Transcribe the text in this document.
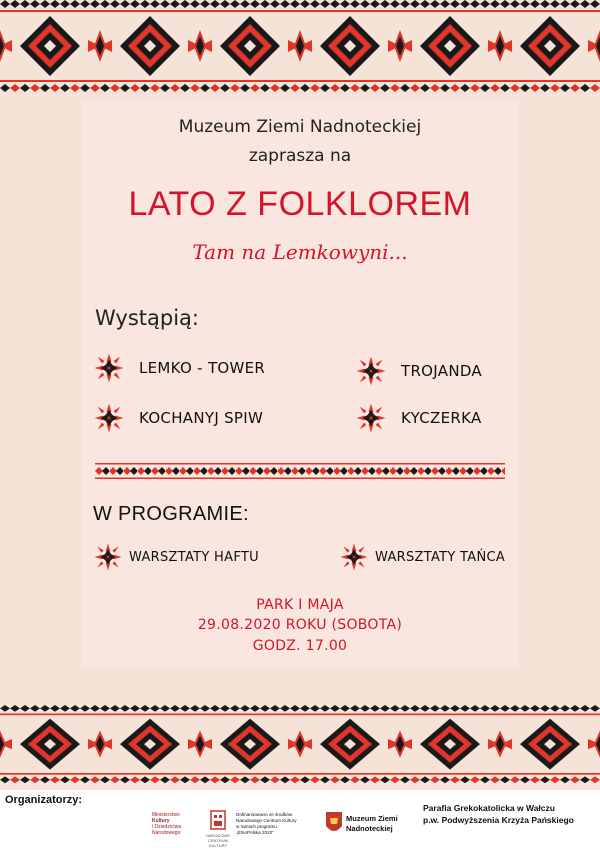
Muzeum Ziemi Nadnoteckiej
zaprasza na
LATO Z FOLKLOREM
Tam na Lemkowyni...
Wystąpią:
LEMKO - TOWER	TROJANDA
KOCHANYJ SPIW	KYCZERKA
W PROGRAMIE:
WARSZTATY HAFTU	WARSZTATY TAŃCA
PARK I MAJA
29.08.2020 ROKU (SOBOTA)
GODZ. 17.00
Organizatorzy:
Ministerstwo
Kultury
i Dziedzictwa
Narodowego	NARODOWE CENTRUM KULTURY
Dofinansowano ze środków
Narodowego Centrum Kultury
w ramach programu
„EtnoPolska 2020”
Muzeum Ziemi
Nadnoteckiej
Parafia Grekokatolicka w Wałczu
p.w. Podwyższenia Krzyża Pańskiego
